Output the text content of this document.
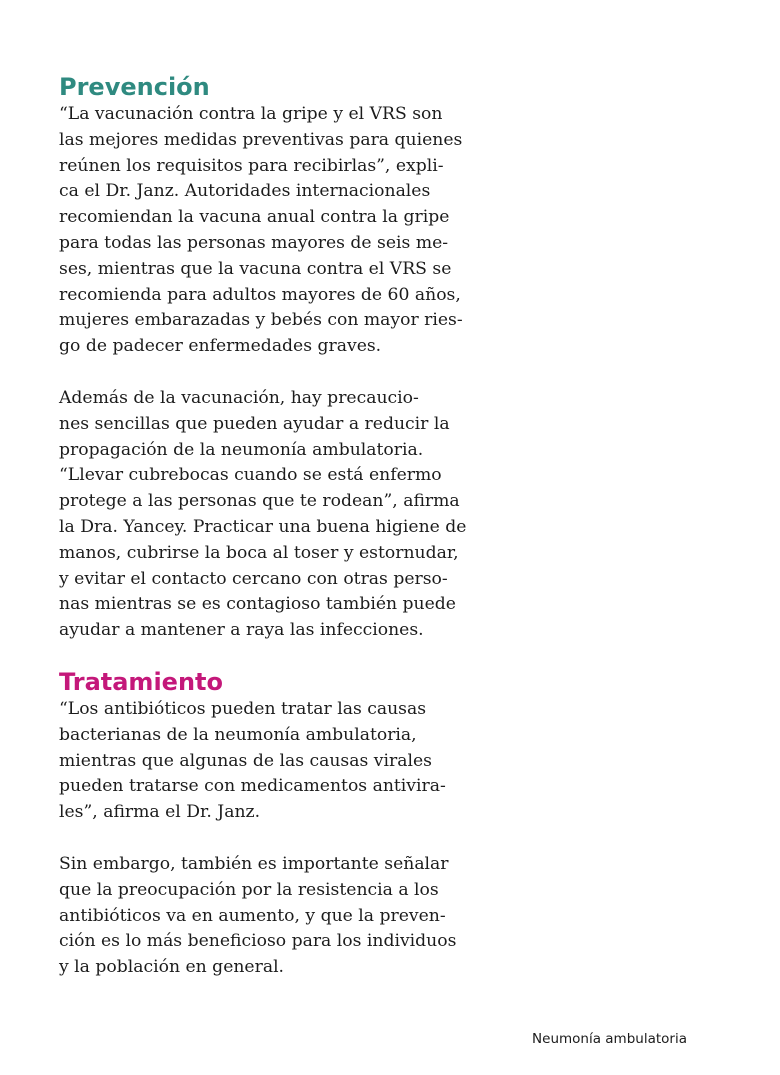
Prevención
“La vacunación contra la gripe y el VRS son
las mejores medidas preventivas para quienes
reúnen los requisitos para recibirlas”, expli-
ca el Dr. Janz. Autoridades internacionales
recomiendan la vacuna anual contra la gripe
para todas las personas mayores de seis me-
ses, mientras que la vacuna contra el VRS se
recomienda para adultos mayores de 60 años,
mujeres embarazadas y bebés con mayor ries-
go de padecer enfermedades graves.
Además de la vacunación, hay precaucio-
nes sencillas que pueden ayudar a reducir la
propagación de la neumonía ambulatoria.
“Llevar cubrebocas cuando se está enfermo
protege a las personas que te rodean”, afirma
la Dra. Yancey. Practicar una buena higiene de
manos, cubrirse la boca al toser y estornudar,
y evitar el contacto cercano con otras perso-
nas mientras se es contagioso también puede
ayudar a mantener a raya las infecciones.
Tratamiento
“Los antibióticos pueden tratar las causas
bacterianas de la neumonía ambulatoria,
mientras que algunas de las causas virales
pueden tratarse con medicamentos antivira-
les”, afirma el Dr. Janz.
Sin embargo, también es importante señalar
que la preocupación por la resistencia a los
antibióticos va en aumento, y que la preven-
ción es lo más beneficioso para los individuos
y la población en general.
Neumonía ambulatoria
